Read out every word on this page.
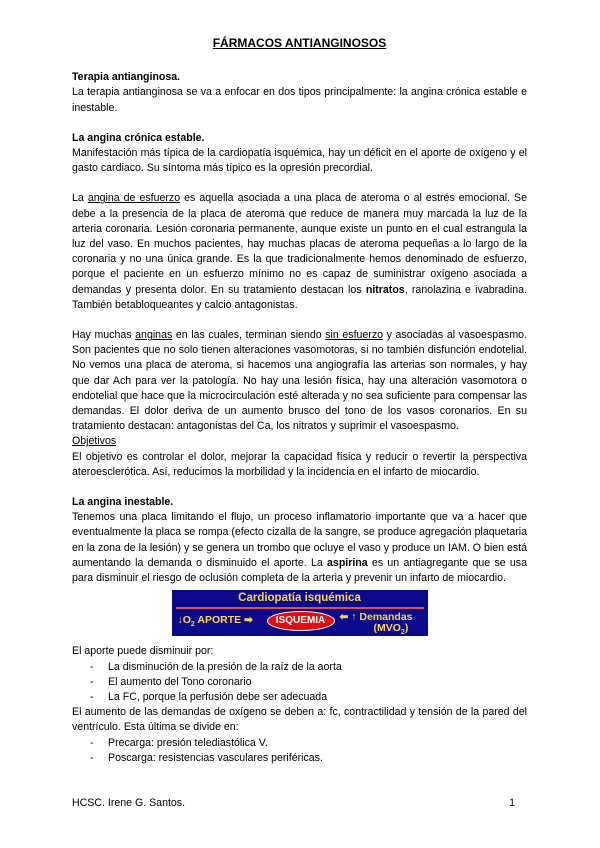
FÁRMACOS ANTIANGINOSOS
Terapia antianginosa.

La terapia antianginosa se va a enfocar en dos tipos principalmente: la angina crónica estable e inestable.

La angina crónica estable.

Manifestación más típica de la cardiopatía isquémica, hay un déficit en el aporte de oxígeno y el gasto cardiaco. Su síntoma más típico es la opresión precordial.

La angina de esfuerzo es aquella asociada a una placa de ateroma o al estrés emocional. Se debe a la presencia de la placa de ateroma que reduce de manera muy marcada la luz de la arteria coronaria. Lesión coronaria permanente, aunque existe un punto en el cual estrangula la luz del vaso. En muchos pacientes, hay muchas placas de ateroma pequeñas a lo largo de la coronaria y no una única grande. Es la que tradicionalmente hemos denominado de esfuerzo, porque el paciente en un esfuerzo mínimo no es capaz de suministrar oxígeno asociada a demandas y presenta dolor. En su tratamiento destacan los nitratos, ranolazina e ivabradina. También betabloqueantes y calcio antagonistas.

Hay muchas anginas en las cuales, terminan siendo sin esfuerzo y asociadas al vasoespasmo. Son pacientes que no solo tienen alteraciones vasomotoras, si no también disfunción endotelial. No vemos una placa de ateroma, si hacemos una angiografía las arterias son normales, y hay que dar Ach para ver la patología. No hay una lesión física, hay una alteración vasomotora o endotelial que hace que la microcirculación esté alterada y no sea suficiente para compensar las demandas. El dolor deriva de un aumento brusco del tono de los vasos coronarios. En su tratamiento destacan: antagonistas del Ca, los nitratos y suprimir el vasoespasmo.

Objetivos

El objetivo es controlar el dolor, mejorar la capacidad física y reducir o revertir la perspectiva ateroesclerótica. Así, reducimos la morbilidad y la incidencia en el infarto de miocardio.

La angina inestable.

Tenemos una placa limitando el flujo, un proceso inflamatorio importante que va a hacer que eventualmente la placa se rompa (efecto cizalla de la sangre, se produce agregación plaquetaria en la zona de la lesión) y se genera un trombo que ocluye el vaso y produce un IAM. O bien está aumentando la demanda o disminuido el aporte. La aspirina es un antiagregante que se usa para disminuir el riesgo de oclusión completa de la arteria y prevenir un infarto de miocardio.

Cardiopatía isquémica
$↓O_2$ APORTE ➡	ISQUEMIA	⬅ ↑ Demandas
$(MVO_2)$

El aporte puede disminuir por:

- La disminución de la presión de la raíz de la aorta
- El aumento del Tono coronario
- La FC, porque la perfusión debe ser adecuada

El aumento de las demandas de oxígeno se deben a: fc, contractilidad y tensión de la pared del ventrículo. Esta última se divide en:

- Precarga: presión telediastólica V.
- Poscarga: resistencias vasculares periféricas.
HCSC. Irene G. Santos.	1
